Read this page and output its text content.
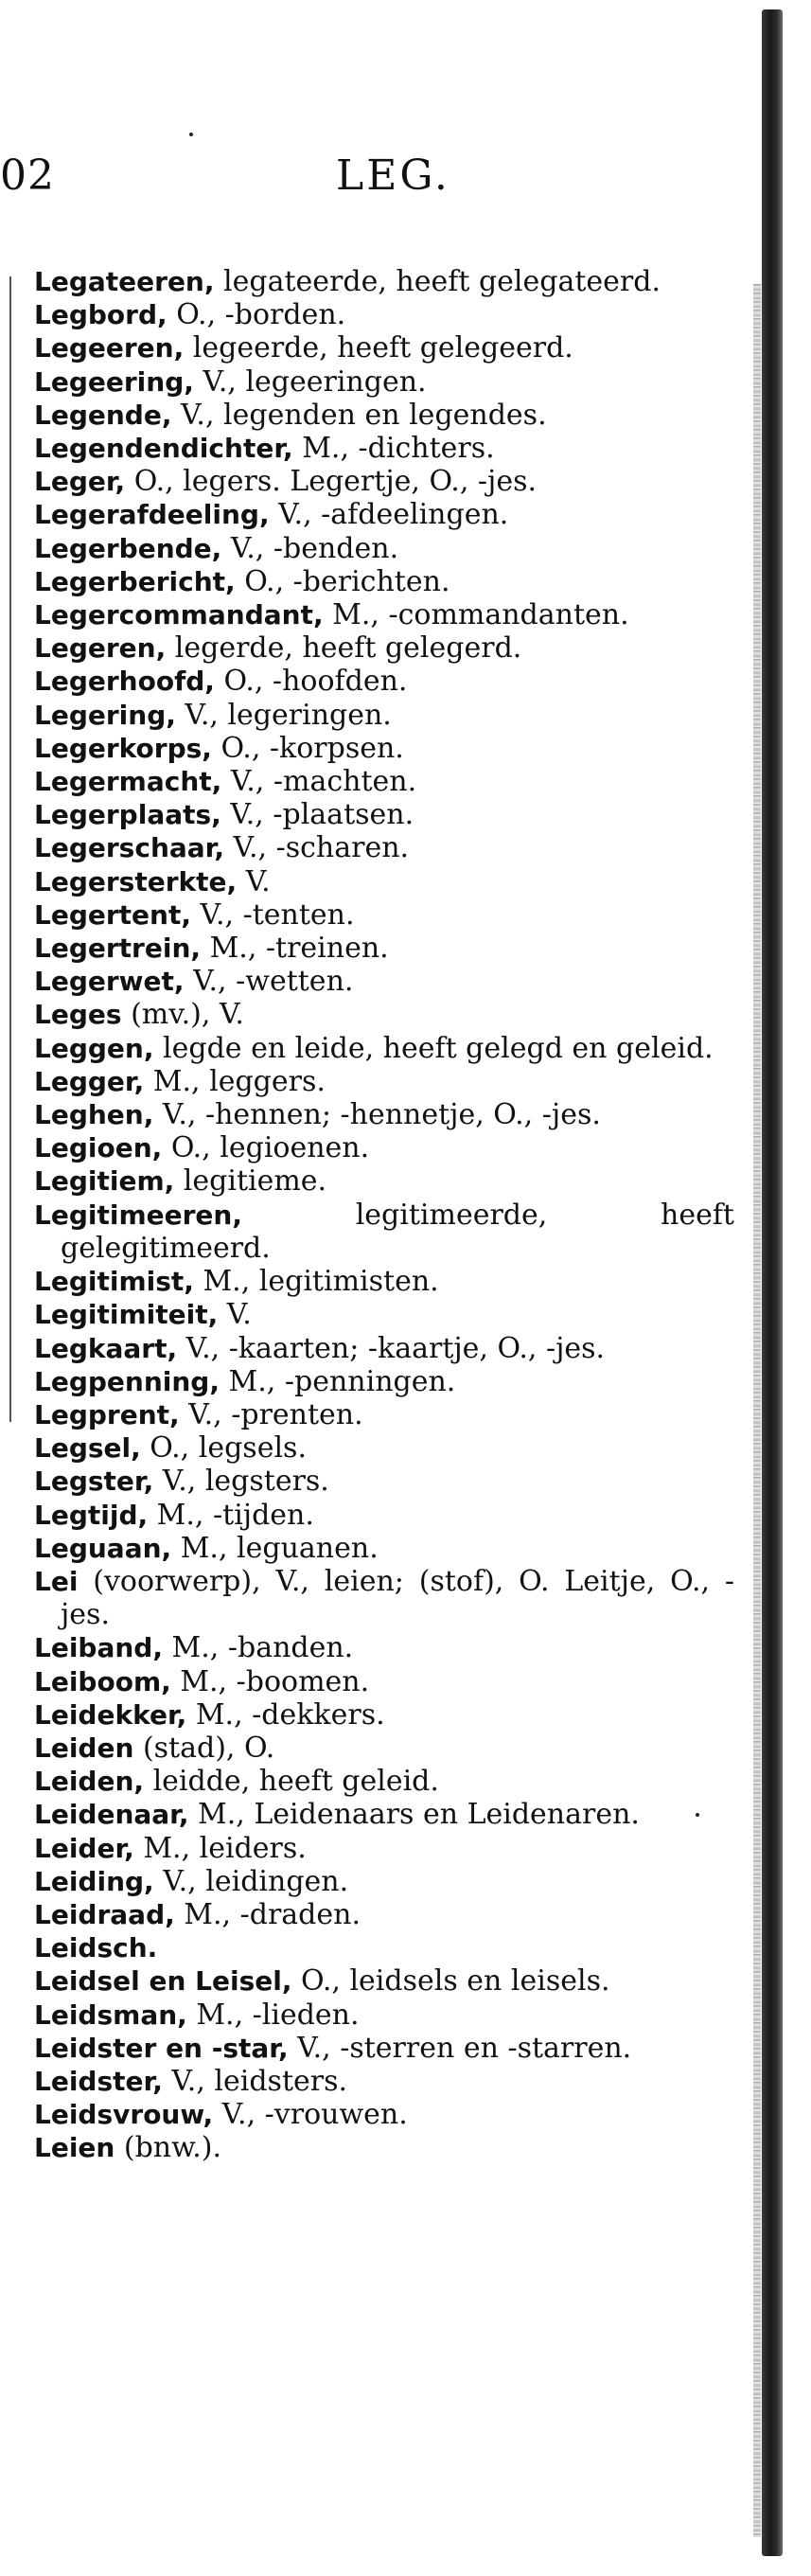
02	LEG.

Legateeren, legateerde, heeft gelegateerd.

Legbord, O., -borden.

Legeeren, legeerde, heeft gelegeerd.

Legeering, V., legeeringen.

Legende, V., legenden en legendes.

Legendendichter, M., -dichters.

Leger, O., legers. Legertje, O., -jes.

Legerafdeeling, V., -afdeelingen.

Legerbende, V., -benden.

Legerbericht, O., -berichten.

Legercommandant, M., -commandanten.

Legeren, legerde, heeft gelegerd.

Legerhoofd, O., -hoofden.

Legering, V., legeringen.

Legerkorps, O., -korpsen.

Legermacht, V., -machten.

Legerplaats, V., -plaatsen.

Legerschaar, V., -scharen.

Legersterkte, V.

Legertent, V., -tenten.

Legertrein, M., -treinen.

Legerwet, V., -wetten.

Leges (mv.), V.

Leggen, legde en leide, heeft gelegd en geleid.

Legger, M., leggers.

Leghen, V., -hennen; -hennetje, O., -jes.

Legioen, O., legioenen.

Legitiem, legitieme.

Legitimeeren, legitimeerde, heeft gelegitimeerd.

Legitimist, M., legitimisten.

Legitimiteit, V.

Legkaart, V., -kaarten; -kaartje, O., -jes.

Legpenning, M., -penningen.

Legprent, V., -prenten.

Legsel, O., legsels.

Legster, V., legsters.

Legtijd, M., -tijden.

Leguaan, M., leguanen.

Lei (voorwerp), V., leien; (stof), O. Leitje, O., -jes.

Leiband, M., -banden.

Leiboom, M., -boomen.

Leidekker, M., -dekkers.

Leiden (stad), O.

Leiden, leidde, heeft geleid.

Leidenaar, M., Leidenaars en Leidenaren.

Leider, M., leiders.

Leiding, V., leidingen.

Leidraad, M., -draden.

Leidsch.

Leidsel en Leisel, O., leidsels en leisels.

Leidsman, M., -lieden.

Leidster en -star, V., -sterren en -starren.

Leidster, V., leidsters.

Leidsvrouw, V., -vrouwen.

Leien (bnw.).
